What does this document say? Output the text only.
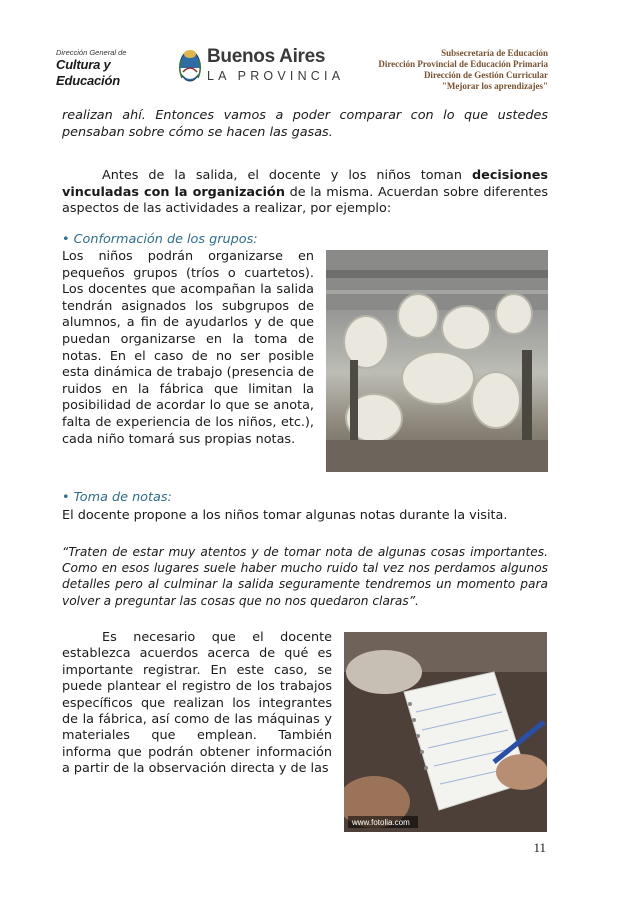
Dirección General de
Cultura y Educación
Buenos Aires
LA PROVINCIA
Subsecretaría de Educación
Dirección Provincial de Educación Primaria
Dirección de Gestión Curricular
"Mejorar los aprendizajes"
realizan ahí. Entonces vamos a poder comparar con lo que ustedes pensaban sobre cómo se hacen las gasas.
Antes de la salida, el docente y los niños toman decisiones vinculadas con la organización de la misma. Acuerdan sobre diferentes aspectos de las actividades a realizar, por ejemplo:
• Conformación de los grupos:
Los niños podrán organizarse en pequeños grupos (tríos o cuartetos). Los docentes que acompañan la salida tendrán asignados los subgrupos de alumnos, a fin de ayudarlos y de que puedan organizarse en la toma de notas. En el caso de no ser posible esta dinámica de trabajo (presencia de ruidos en la fábrica que limitan la posibilidad de acordar lo que se anota, falta de experiencia de los niños, etc.), cada niño tomará sus propias notas.
• Toma de notas:
El docente propone a los niños tomar algunas notas durante la visita.
“Traten de estar muy atentos y de tomar nota de algunas cosas importantes. Como en esos lugares suele haber mucho ruido tal vez nos perdamos algunos detalles pero al culminar la salida seguramente tendremos un momento para volver a preguntar las cosas que no nos quedaron claras”.
Es necesario que el docente establezca acuerdos acerca de qué es importante registrar. En este caso, se puede plantear el registro de los trabajos específicos que realizan los integrantes de la fábrica, así como de las máquinas y materiales que emplean. También informa que podrán obtener información a partir de la observación directa y de las
www.fotolia.com
11
